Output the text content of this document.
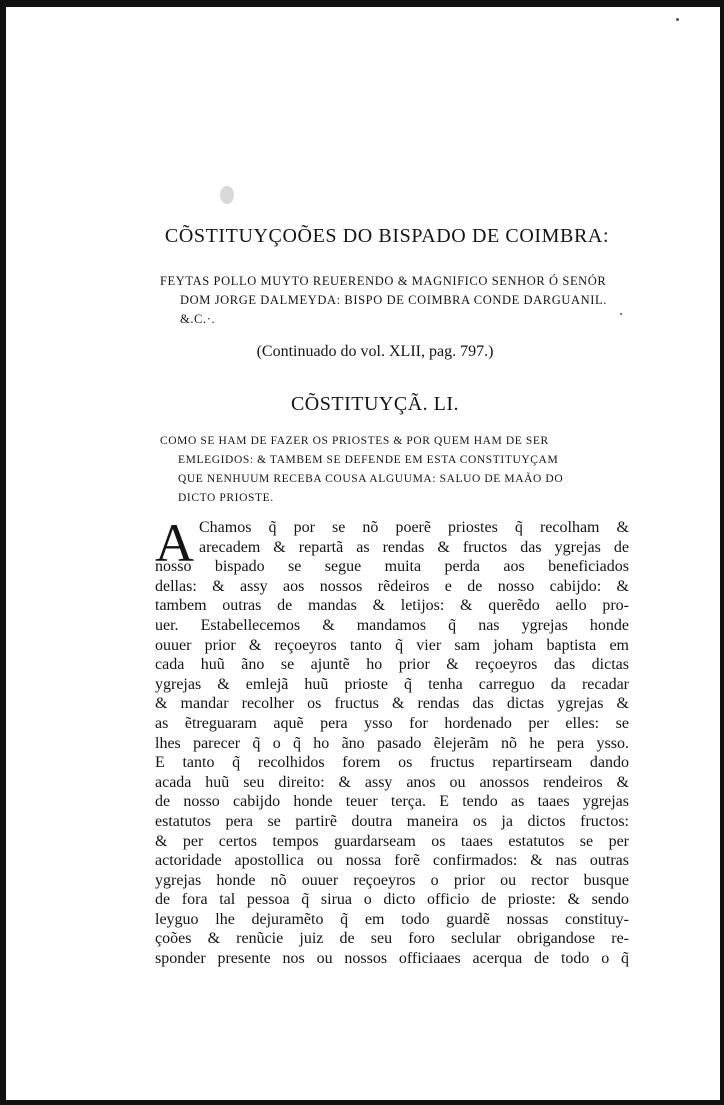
CÕSTITUYÇOÕES DO BISPADO DE COIMBRA:
FEYTAS POLLO MUYTO REUERENDO & MAGNIFICO SENHOR Ó SENÓR
DOM JORGE DALMEYDA: BISPO DE COIMBRA CONDE DARGUANIL.
&.C.·.
(Continuado do vol. XLII, pag. 797.)
CÕSTITUYÇÃ. LI.
COMO SE HAM DE FAZER OS PRIOSTES & POR QUEM HAM DE SER
EMLEGIDOS: & TAMBEM SE DEFENDE EM ESTA CONSTITUYÇAM
QUE NENHUUM RECEBA COUSA ALGUUMA: SALUO DE MAÃO DO
DICTO PRIOSTE.
A Chamos q̃ por se nõ poerẽ priostes q̃ recolham &
arecadem & repartã as rendas & fructos das ygrejas de
nosso bispado se segue muita perda aos beneficiados
dellas: & assy aos nossos rẽdeiros e de nosso cabijdo: &
tambem outras de mandas & letijos: & querẽdo aello pro-
uer. Estabellecemos & mandamos q̃ nas ygrejas honde
ouuer prior & reçoeyros tanto q̃ vier sam joham baptista em
cada huũ ãno se ajuntẽ ho prior & reçoeyros das dictas
ygrejas & emlejã huũ prioste q̃ tenha carreguo da recadar
& mandar recolher os fructus & rendas das dictas ygrejas &
as ẽtreguaram aquẽ pera ysso for hordenado per elles: se
lhes parecer q̃ o q̃ ho ãno pasado ẽlejerãm nõ he pera ysso.
E tanto q̃ recolhidos forem os fructus repartirseam dando
acada huũ seu direito: & assy anos ou anossos rendeiros &
de nosso cabijdo honde teuer terça. E tendo as taaes ygrejas
estatutos pera se partirẽ doutra maneira os ja dictos fructos:
& per certos tempos guardarseam os taaes estatutos se per
actoridade apostollica ou nossa forẽ confirmados: & nas outras
ygrejas honde nõ ouuer reçoeyros o prior ou rector busque
de fora tal pessoa q̃ sirua o dicto officio de prioste: & sendo
leyguo lhe dejuramẽto q̃ em todo guardẽ nossas constituy-
çoões & renũcie juiz de seu foro seclular obrigandose re-
sponder presente nos ou nossos officiaaes acerqua de todo o q̃
